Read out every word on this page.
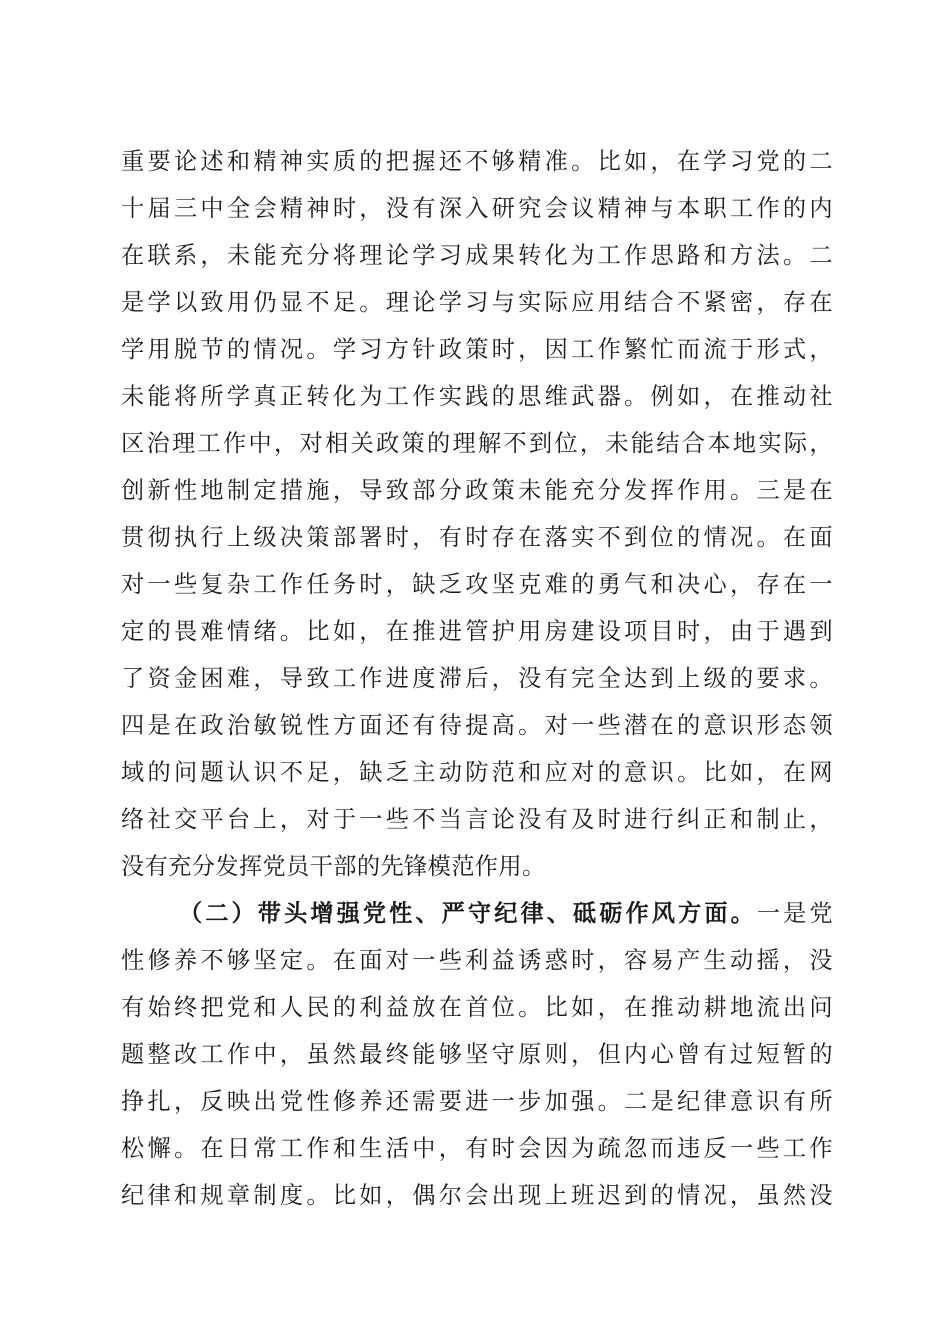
重要论述和精神实质的把握还不够精准。比如，在学习党的二
十届三中全会精神时，没有深入研究会议精神与本职工作的内
在联系，未能充分将理论学习成果转化为工作思路和方法。二
是学以致用仍显不足。理论学习与实际应用结合不紧密，存在
学用脱节的情况。学习方针政策时，因工作繁忙而流于形式，
未能将所学真正转化为工作实践的思维武器。例如，在推动社
区治理工作中，对相关政策的理解不到位，未能结合本地实际，
创新性地制定措施，导致部分政策未能充分发挥作用。三是在
贯彻执行上级决策部署时，有时存在落实不到位的情况。在面
对一些复杂工作任务时，缺乏攻坚克难的勇气和决心，存在一
定的畏难情绪。比如，在推进管护用房建设项目时，由于遇到
了资金困难，导致工作进度滞后，没有完全达到上级的要求。
四是在政治敏锐性方面还有待提高。对一些潜在的意识形态领
域的问题认识不足，缺乏主动防范和应对的意识。比如，在网
络社交平台上，对于一些不当言论没有及时进行纠正和制止，
没有充分发挥党员干部的先锋模范作用。
（二）带头增强党性、严守纪律、砥砺作风方面。一是党
性修养不够坚定。在面对一些利益诱惑时，容易产生动摇，没
有始终把党和人民的利益放在首位。比如，在推动耕地流出问
题整改工作中，虽然最终能够坚守原则，但内心曾有过短暂的
挣扎，反映出党性修养还需要进一步加强。二是纪律意识有所
松懈。在日常工作和生活中，有时会因为疏忽而违反一些工作
纪律和规章制度。比如，偶尔会出现上班迟到的情况，虽然没
